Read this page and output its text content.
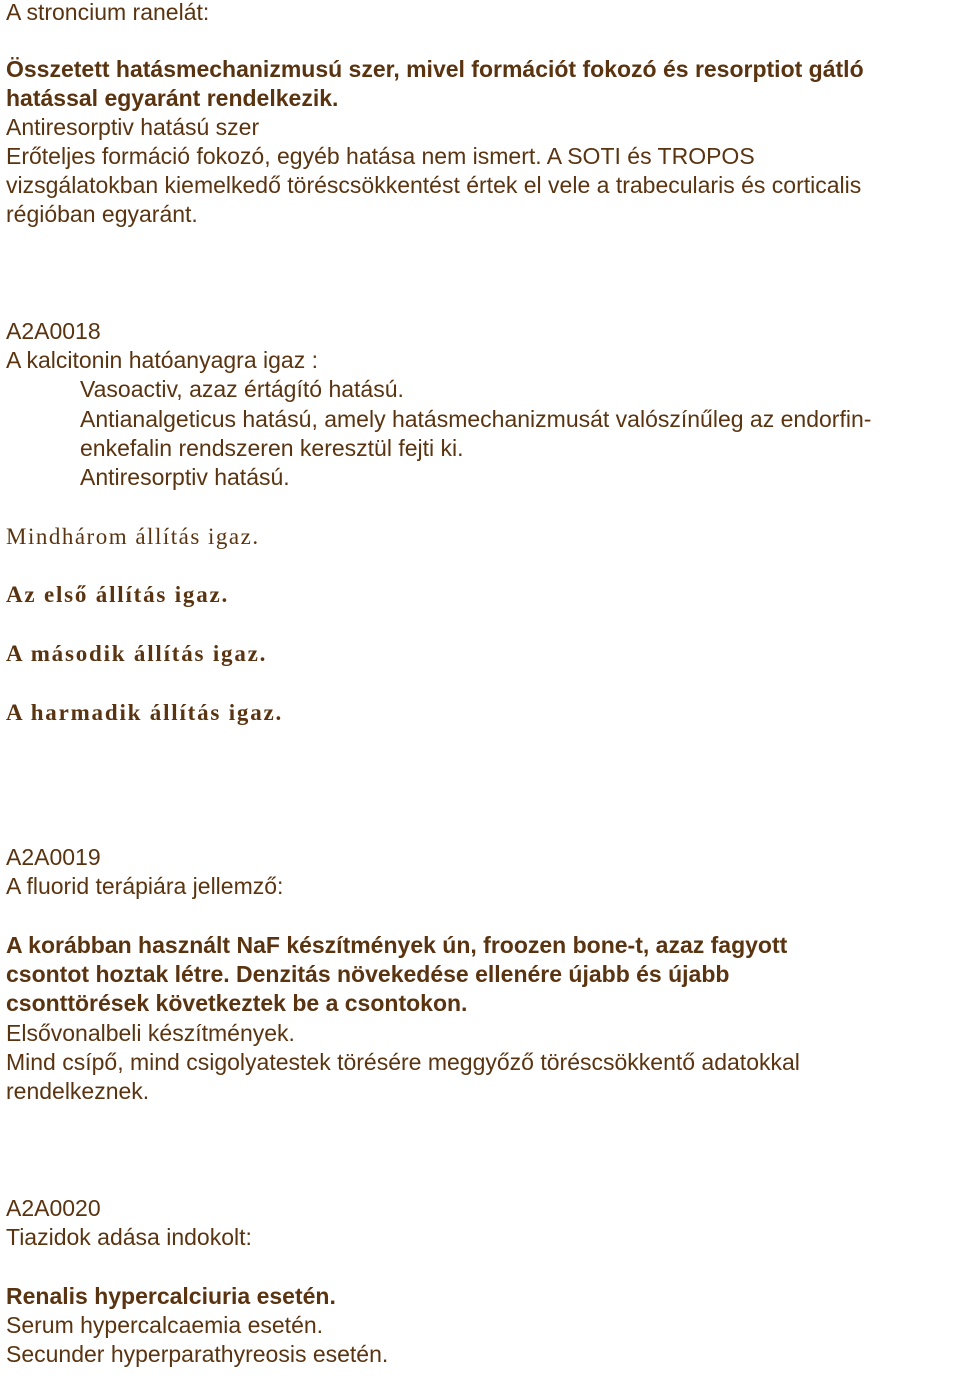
A stroncium ranelát:
Összetett hatásmechanizmusú szer, mivel formációt fokozó és resorptiot gátló
hatással egyaránt rendelkezik.
Antiresorptiv hatású szer
Erőteljes formáció fokozó, egyéb hatása nem ismert. A SOTI és TROPOS
vizsgálatokban kiemelkedő töréscsökkentést értek el vele a trabecularis és corticalis
régióban egyaránt.
A2A0018
A kalcitonin hatóanyagra igaz :
Vasoactiv, azaz értágító hatású.
Antianalgeticus hatású, amely hatásmechanizmusát valószínűleg az endorfin-
enkefalin rendszeren keresztül fejti ki.
Antiresorptiv hatású.
Mindhárom állítás igaz.
Az első állítás igaz.
A második állítás igaz.
A harmadik állítás igaz.
A2A0019
A fluorid terápiára jellemző:
A korábban használt NaF készítmények ún, froozen bone-t, azaz fagyott
csontot hoztak létre. Denzitás növekedése ellenére újabb és újabb
csonttörések következtek be a csontokon.
Elsővonalbeli készítmények.
Mind csípő, mind csigolyatestek törésére meggyőző töréscsökkentő adatokkal
rendelkeznek.
A2A0020
Tiazidok adása indokolt:
Renalis hypercalciuria esetén.
Serum hypercalcaemia esetén.
Secunder hyperparathyreosis esetén.
